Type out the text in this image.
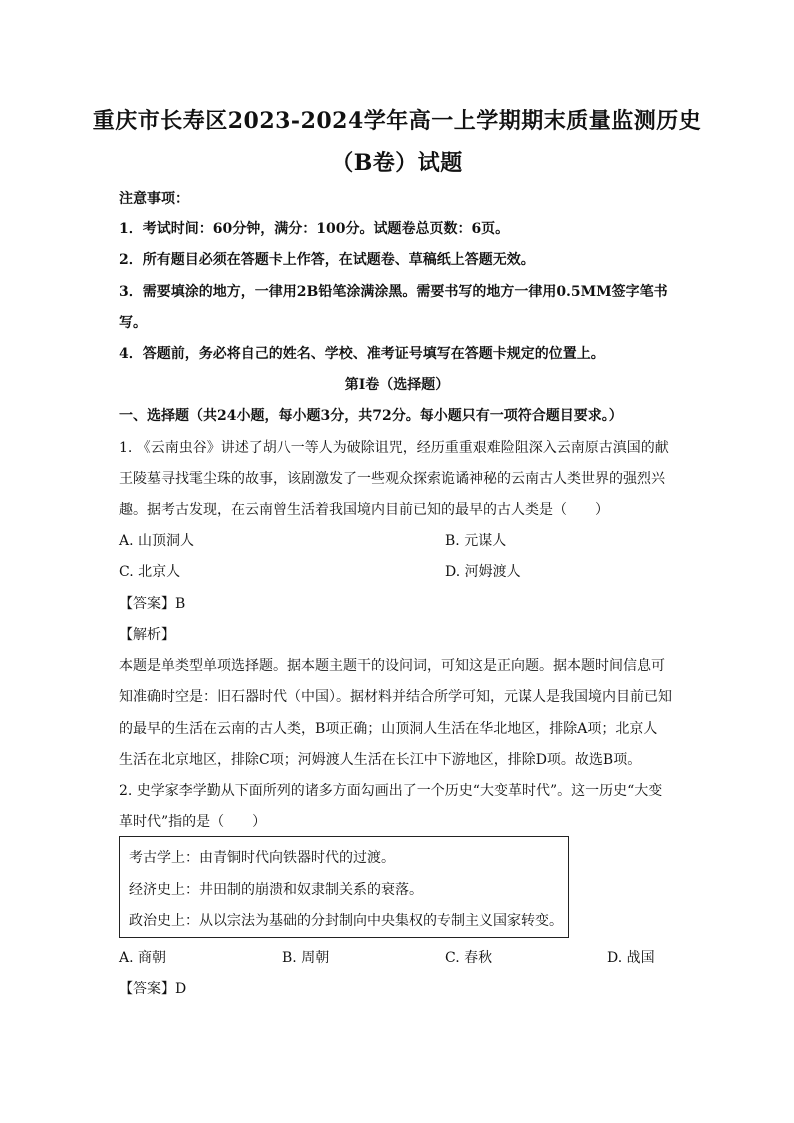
重庆市长寿区2023-2024学年高一上学期期末质量监测历史
（B卷）试题
注意事项：
1．考试时间：60分钟，满分：100分。试题卷总页数：6页。
2．所有题目必须在答题卡上作答，在试题卷、草稿纸上答题无效。
3．需要填涂的地方，一律用2B铅笔涂满涂黑。需要书写的地方一律用0.5MM签字笔书
写。
4．答题前，务必将自己的姓名、学校、准考证号填写在答题卡规定的位置上。
第I卷（选择题）
一、选择题（共24小题，每小题3分，共72分。每小题只有一项符合题目要求。）
1. 《云南虫谷》讲述了胡八一等人为破除诅咒，经历重重艰难险阻深入云南原古滇国的献
王陵墓寻找雮尘珠的故事，该剧激发了一些观众探索诡谲神秘的云南古人类世界的强烈兴
趣。据考古发现，在云南曾生活着我国境内目前已知的最早的古人类是（　　）
A. 山顶洞人	B. 元谋人
C. 北京人	D. 河姆渡人
【答案】B
【解析】
本题是单类型单项选择题。据本题主题干的设问词，可知这是正向题。据本题时间信息可
知准确时空是：旧石器时代（中国）。据材料并结合所学可知，元谋人是我国境内目前已知
的最早的生活在云南的古人类，B项正确；山顶洞人生活在华北地区，排除A项；北京人
生活在北京地区，排除C项；河姆渡人生活在长江中下游地区，排除D项。故选B项。
2. 史学家李学勤从下面所列的诸多方面勾画出了一个历史“大变革时代”。这一历史“大变
革时代”指的是（　　）
考古学上：由青铜时代向铁器时代的过渡。
经济史上：井田制的崩溃和奴隶制关系的衰落。
政治史上：从以宗法为基础的分封制向中央集权的专制主义国家转变。
A. 商朝	B. 周朝	C. 春秋	D. 战国
【答案】D
